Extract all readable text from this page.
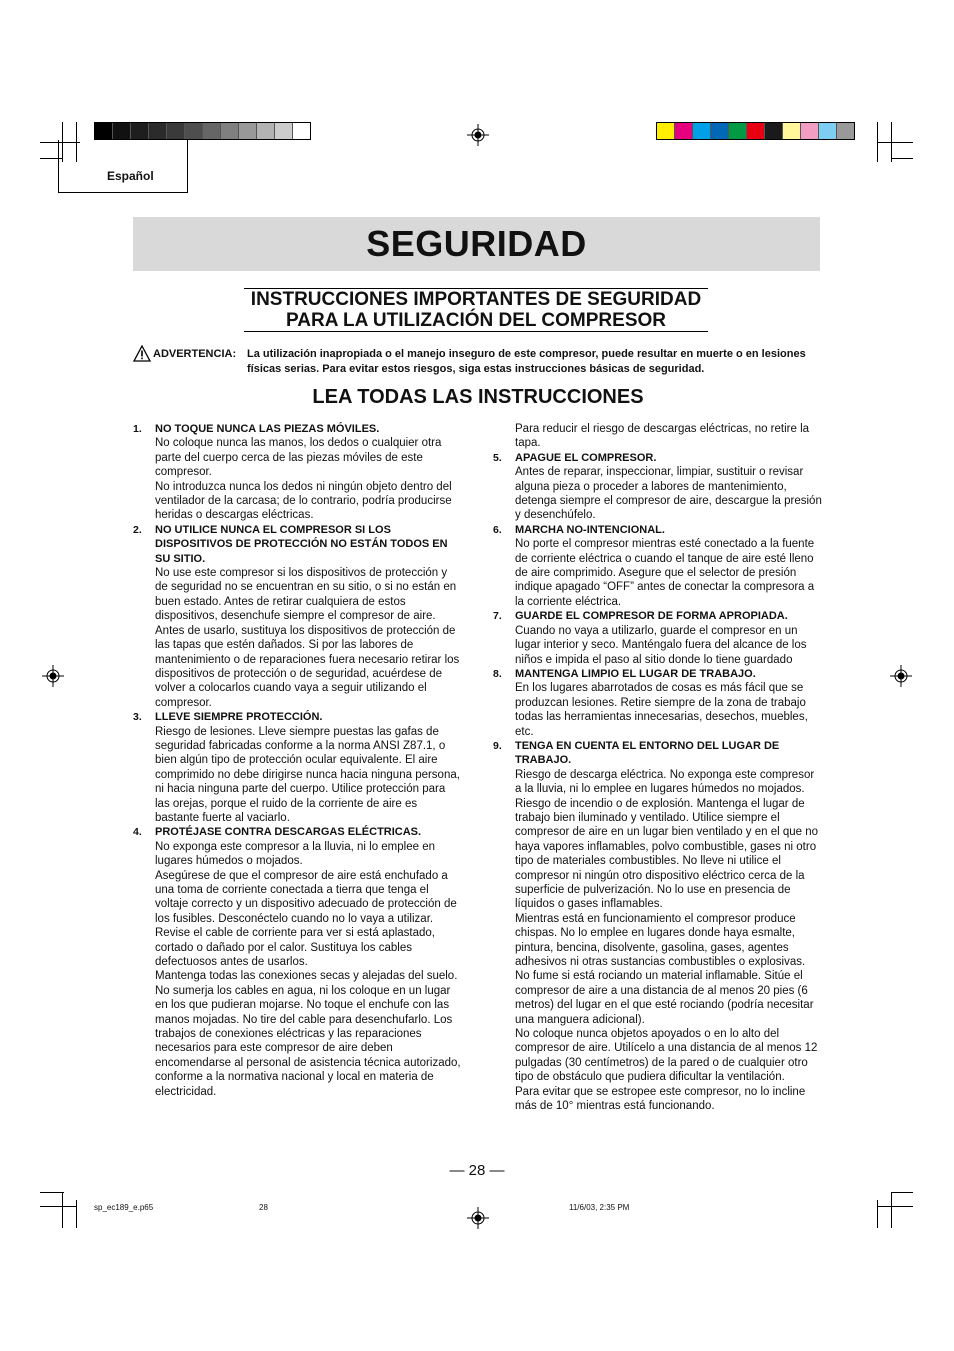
Español
SEGURIDAD
INSTRUCCIONES IMPORTANTES DE SEGURIDAD
PARA LA UTILIZACIÓN DEL COMPRESOR
ADVERTENCIA: La utilización inapropiada o el manejo inseguro de este compresor, puede resultar en muerte o en lesiones físicas serias. Para evitar estos riesgos, siga estas instrucciones básicas de seguridad.
LEA TODAS LAS INSTRUCCIONES
1. NO TOQUE NUNCA LAS PIEZAS MÓVILES.
No coloque nunca las manos, los dedos o cualquier otra parte del cuerpo cerca de las piezas móviles de este compresor.
No introduzca nunca los dedos ni ningún objeto dentro del ventilador de la carcasa; de lo contrario, podría producirse heridas o descargas eléctricas.
2. NO UTILICE NUNCA EL COMPRESOR SI LOS DISPOSITIVOS DE PROTECCIÓN NO ESTÁN TODOS EN SU SITIO.
No use este compresor si los dispositivos de protección y de seguridad no se encuentran en su sitio, o si no están en buen estado. Antes de retirar cualquiera de estos dispositivos, desenchufe siempre el compresor de aire. Antes de usarlo, sustituya los dispositivos de protección de las tapas que estén dañados. Si por las labores de mantenimiento o de reparaciones fuera necesario retirar los dispositivos de protección o de seguridad, acuérdese de volver a colocarlos cuando vaya a seguir utilizando el compresor.
3. LLEVE SIEMPRE PROTECCIÓN.
Riesgo de lesiones. Lleve siempre puestas las gafas de seguridad fabricadas conforme a la norma ANSI Z87.1, o bien algún tipo de protección ocular equivalente. El aire comprimido no debe dirigirse nunca hacia ninguna persona, ni hacia ninguna parte del cuerpo. Utilice protección para las orejas, porque el ruido de la corriente de aire es bastante fuerte al vaciarlo.
4. PROTÉJASE CONTRA DESCARGAS ELÉCTRICAS.
No exponga este compresor a la lluvia, ni lo emplee en lugares húmedos o mojados.
Asegúrese de que el compresor de aire está enchufado a una toma de corriente conectada a tierra que tenga el voltaje correcto y un dispositivo adecuado de protección de los fusibles. Desconéctelo cuando no lo vaya a utilizar.
Revise el cable de corriente para ver si está aplastado, cortado o dañado por el calor. Sustituya los cables defectuosos antes de usarlos.
Mantenga todas las conexiones secas y alejadas del suelo. No sumerja los cables en agua, ni los coloque en un lugar en los que pudieran mojarse. No toque el enchufe con las manos mojadas. No tire del cable para desenchufarlo. Los trabajos de conexiones eléctricas y las reparaciones necesarios para este compresor de aire deben encomendarse al personal de asistencia técnica autorizado, conforme a la normativa nacional y local en materia de electricidad.
Para reducir el riesgo de descargas eléctricas, no retire la tapa.
5. APAGUE EL COMPRESOR.
Antes de reparar, inspeccionar, limpiar, sustituir o revisar alguna pieza o proceder a labores de mantenimiento, detenga siempre el compresor de aire, descargue la presión y desenchúfelo.
6. MARCHA NO-INTENCIONAL.
No porte el compresor mientras esté conectado a la fuente de corriente eléctrica o cuando el tanque de aire esté lleno de aire comprimido. Asegure que el selector de presión indique apagado “OFF” antes de conectar la compresora a la corriente eléctrica.
7. GUARDE EL COMPRESOR DE FORMA APROPIADA.
Cuando no vaya a utilizarlo, guarde el compresor en un lugar interior y seco. Manténgalo fuera del alcance de los niños e impida el paso al sitio donde lo tiene guardado
8. MANTENGA LIMPIO EL LUGAR DE TRABAJO.
En los lugares abarrotados de cosas es más fácil que se produzcan lesiones. Retire siempre de la zona de trabajo todas las herramientas innecesarias, desechos, muebles, etc.
9. TENGA EN CUENTA EL ENTORNO DEL LUGAR DE TRABAJO.
Riesgo de descarga eléctrica. No exponga este compresor a la lluvia, ni lo emplee en lugares húmedos no mojados.
Riesgo de incendio o de explosión. Mantenga el lugar de trabajo bien iluminado y ventilado. Utilice siempre el compresor de aire en un lugar bien ventilado y en el que no haya vapores inflamables, polvo combustible, gases ni otro tipo de materiales combustibles. No lleve ni utilice el compresor ni ningún otro dispositivo eléctrico cerca de la superficie de pulverización. No lo use en presencia de líquidos o gases inflamables.
Mientras está en funcionamiento el compresor produce chispas. No lo emplee en lugares donde haya esmalte, pintura, bencina, disolvente, gasolina, gases, agentes adhesivos ni otras sustancias combustibles o explosivas. No fume si está rociando un material inflamable. Sitúe el compresor de aire a una distancia de al menos 20 pies (6 metros) del lugar en el que esté rociando (podría necesitar una manguera adicional).
No coloque nunca objetos apoyados o en lo alto del compresor de aire. Utilícelo a una distancia de al menos 12 pulgadas (30 centímetros) de la pared o de cualquier otro tipo de obstáculo que pudiera dificultar la ventilación.
Para evitar que se estropee este compresor, no lo incline más de 10° mientras está funcionando.
— 28 —
sp_ec189_e.p65	28	11/6/03, 2:35 PM
